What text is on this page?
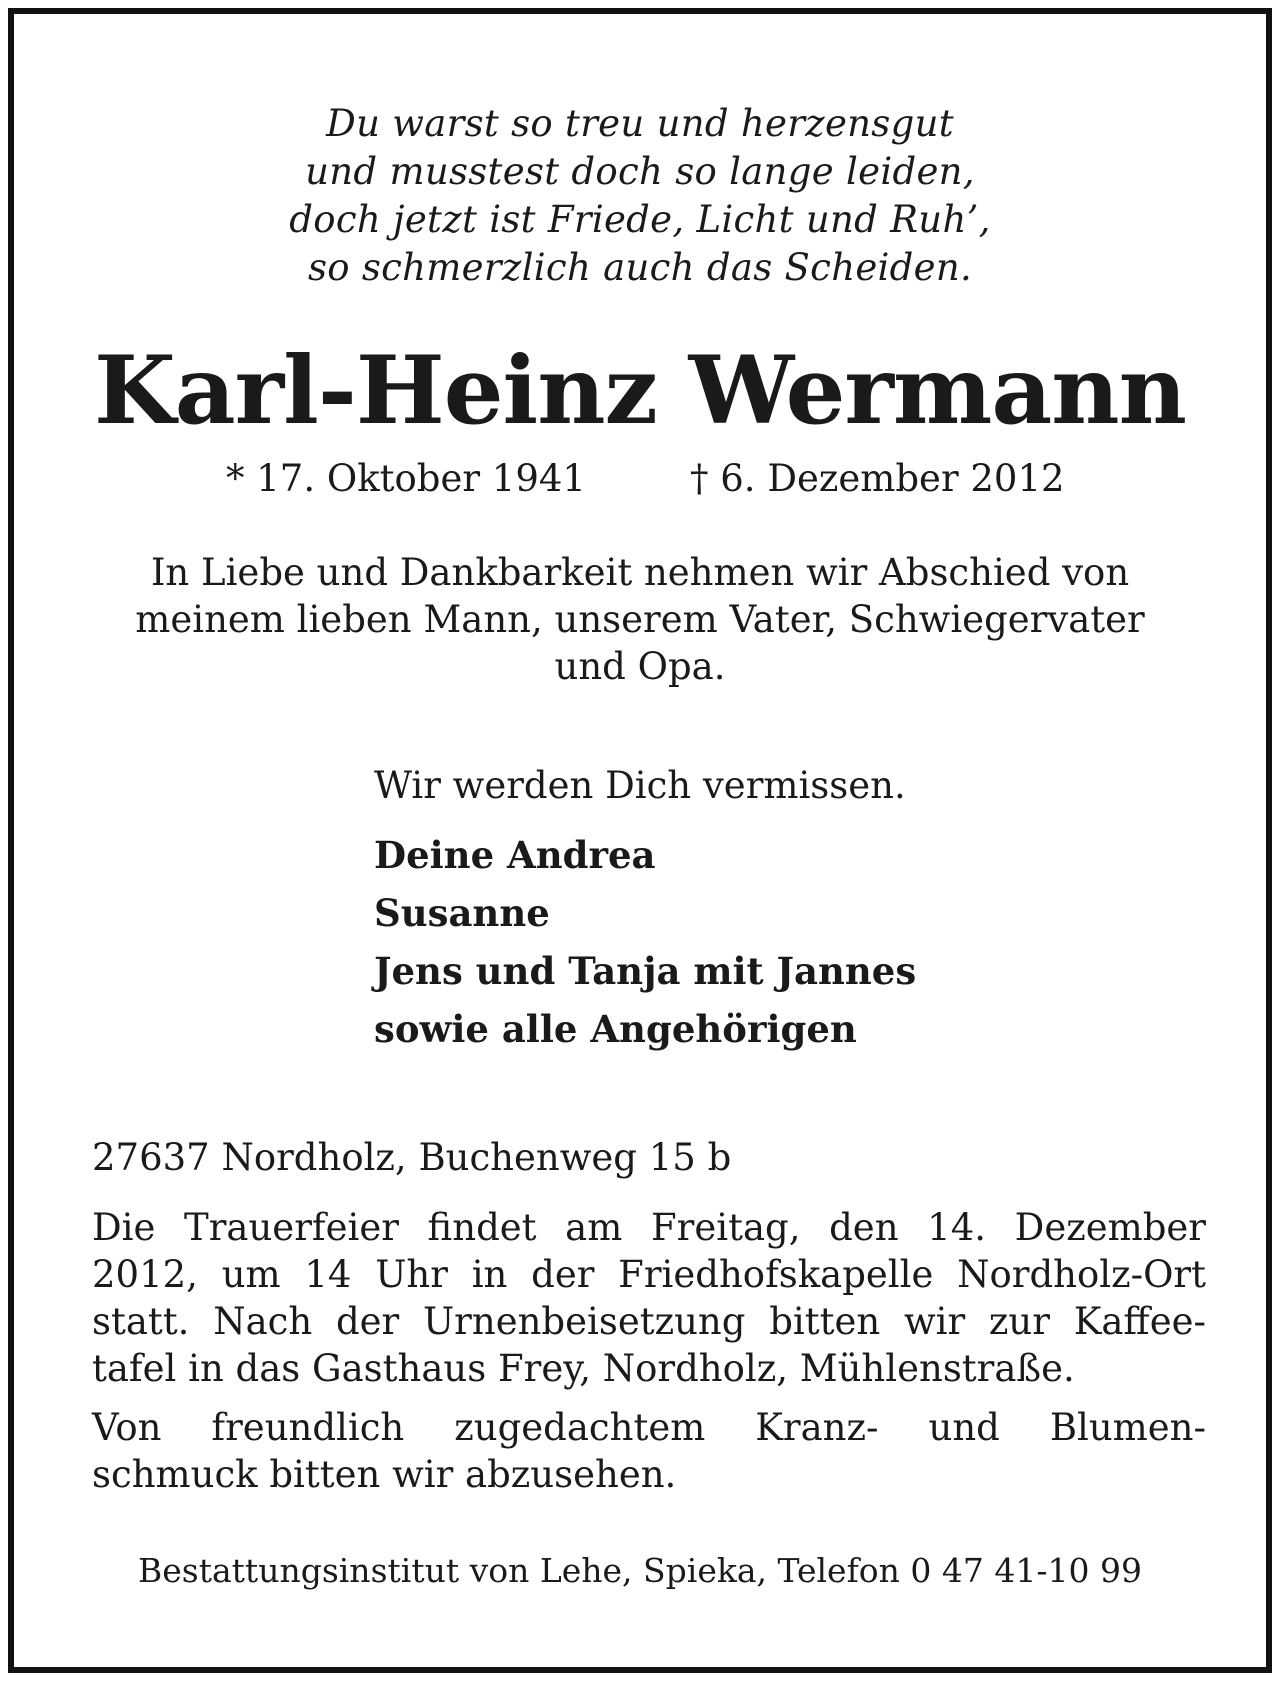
Du warst so treu und herzensgut
und musstest doch so lange leiden,
doch jetzt ist Friede, Licht und Ruh’,
so schmerzlich auch das Scheiden.
Karl-Heinz Wermann
* 17. Oktober 1941	† 6. Dezember 2012
In Liebe und Dankbarkeit nehmen wir Abschied von
meinem lieben Mann, unserem Vater, Schwiegervater
und Opa.
Wir werden Dich vermissen.
Deine Andrea
Susanne
Jens und Tanja mit Jannes
sowie alle Angehörigen
27637 Nordholz, Buchenweg 15 b
Die Trauerfeier findet am Freitag, den 14. Dezember
2012, um 14 Uhr in der Friedhofskapelle Nordholz-Ort
statt. Nach der Urnenbeisetzung bitten wir zur Kaffee-
tafel in das Gasthaus Frey, Nordholz, Mühlenstraße.
Von freundlich zugedachtem Kranz- und Blumen-
schmuck bitten wir abzusehen.
Bestattungsinstitut von Lehe, Spieka, Telefon 0 47 41-10 99
